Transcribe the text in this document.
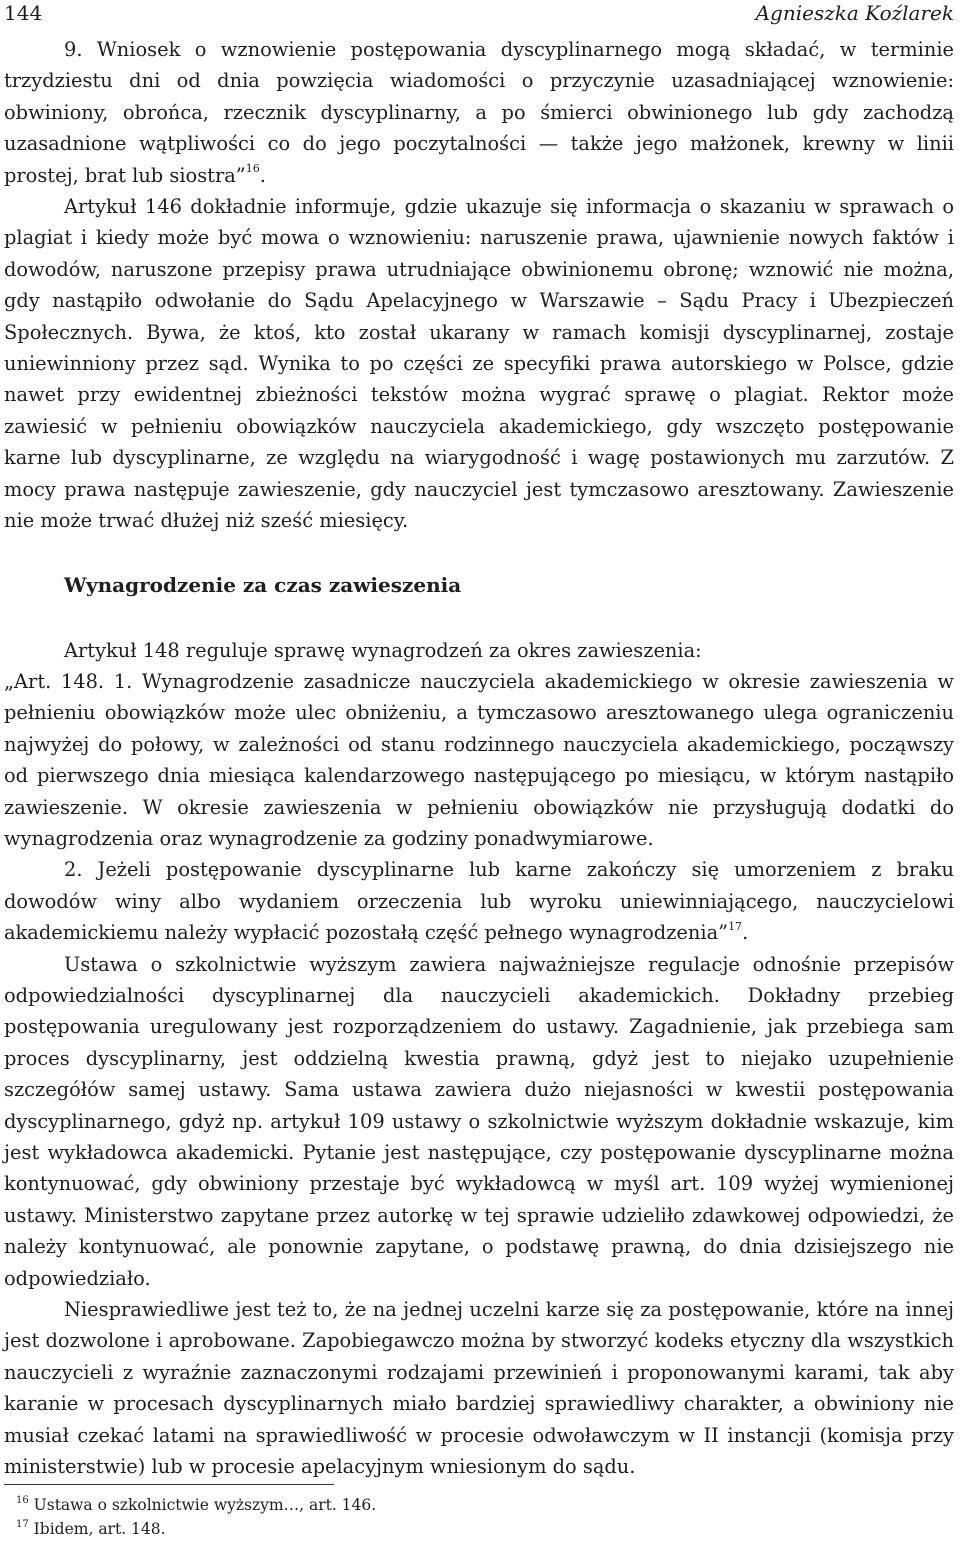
144	Agnieszka Koźlarek

9. Wniosek o wznowienie postępowania dyscyplinarnego mogą składać, w terminie trzydziestu dni od dnia powzięcia wiadomości o przyczynie uzasadniającej wznowienie: obwiniony, obrońca, rzecznik dyscyplinarny, a po śmierci obwinionego lub gdy zachodzą uzasadnione wątpliwości co do jego poczytalności — także jego małżonek, krewny w linii prostej, brat lub siostra”$^{16}$.

Artykuł 146 dokładnie informuje, gdzie ukazuje się informacja o skazaniu w sprawach o plagiat i kiedy może być mowa o wznowieniu: naruszenie prawa, ujawnienie nowych faktów i dowodów, naruszone przepisy prawa utrudniające obwinionemu obronę; wznowić nie można, gdy nastąpiło odwołanie do Sądu Apelacyjnego w Warszawie – Sądu Pracy i Ubezpieczeń Społecznych. Bywa, że ktoś, kto został ukarany w ramach komisji dyscyplinarnej, zostaje uniewinniony przez sąd. Wynika to po części ze specyfiki prawa autorskiego w Polsce, gdzie nawet przy ewidentnej zbieżności tekstów można wygrać sprawę o plagiat. Rektor może zawiesić w pełnieniu obowiązków nauczyciela akademickiego, gdy wszczęto postępowanie karne lub dyscyplinarne, ze względu na wiarygodność i wagę postawionych mu zarzutów. Z mocy prawa następuje zawieszenie, gdy nauczyciel jest tymczasowo aresztowany. Zawieszenie nie może trwać dłużej niż sześć miesięcy.

Wynagrodzenie za czas zawieszenia

Artykuł 148 reguluje sprawę wynagrodzeń za okres zawieszenia:

„Art. 148. 1. Wynagrodzenie zasadnicze nauczyciela akademickiego w okresie zawieszenia w pełnieniu obowiązków może ulec obniżeniu, a tymczasowo aresztowanego ulega ograniczeniu najwyżej do połowy, w zależności od stanu rodzinnego nauczyciela akademickiego, począwszy od pierwszego dnia miesiąca kalendarzowego następującego po miesiącu, w którym nastąpiło zawieszenie. W okresie zawieszenia w pełnieniu obowiązków nie przysługują dodatki do wynagrodzenia oraz wynagrodzenie za godziny ponadwymiarowe.

2. Jeżeli postępowanie dyscyplinarne lub karne zakończy się umorzeniem z braku dowodów winy albo wydaniem orzeczenia lub wyroku uniewinniającego, nauczycielowi akademickiemu należy wypłacić pozostałą część pełnego wynagrodzenia”$^{17}$.

Ustawa o szkolnictwie wyższym zawiera najważniejsze regulacje odnośnie przepisów odpowiedzialności dyscyplinarnej dla nauczycieli akademickich. Dokładny przebieg postępowania uregulowany jest rozporządzeniem do ustawy. Zagadnienie, jak przebiega sam proces dyscyplinarny, jest oddzielną kwestia prawną, gdyż jest to niejako uzupełnienie szczegółów samej ustawy. Sama ustawa zawiera dużo niejasności w kwestii postępowania dyscyplinarnego, gdyż np. artykuł 109 ustawy o szkolnictwie wyższym dokładnie wskazuje, kim jest wykładowca akademicki. Pytanie jest następujące, czy postępowanie dyscyplinarne można kontynuować, gdy obwiniony przestaje być wykładowcą w myśl art. 109 wyżej wymienionej ustawy. Ministerstwo zapytane przez autorkę w tej sprawie udzieliło zdawkowej odpowiedzi, że należy kontynuować, ale ponownie zapytane, o podstawę prawną, do dnia dzisiejszego nie odpowiedziało.

Niesprawiedliwe jest też to, że na jednej uczelni karze się za postępowanie, które na innej jest dozwolone i aprobowane. Zapobiegawczo można by stworzyć kodeks etyczny dla wszystkich nauczycieli z wyraźnie zaznaczonymi rodzajami przewinień i proponowanymi karami, tak aby karanie w procesach dyscyplinarnych miało bardziej sprawiedliwy charakter, a obwiniony nie musiał czekać latami na sprawiedliwość w procesie odwoławczym w II instancji (komisja przy ministerstwie) lub w procesie apelacyjnym wniesionym do sądu.

$^{16}$ Ustawa o szkolnictwie wyższym…, art. 146.
$^{17}$ Ibidem, art. 148.
